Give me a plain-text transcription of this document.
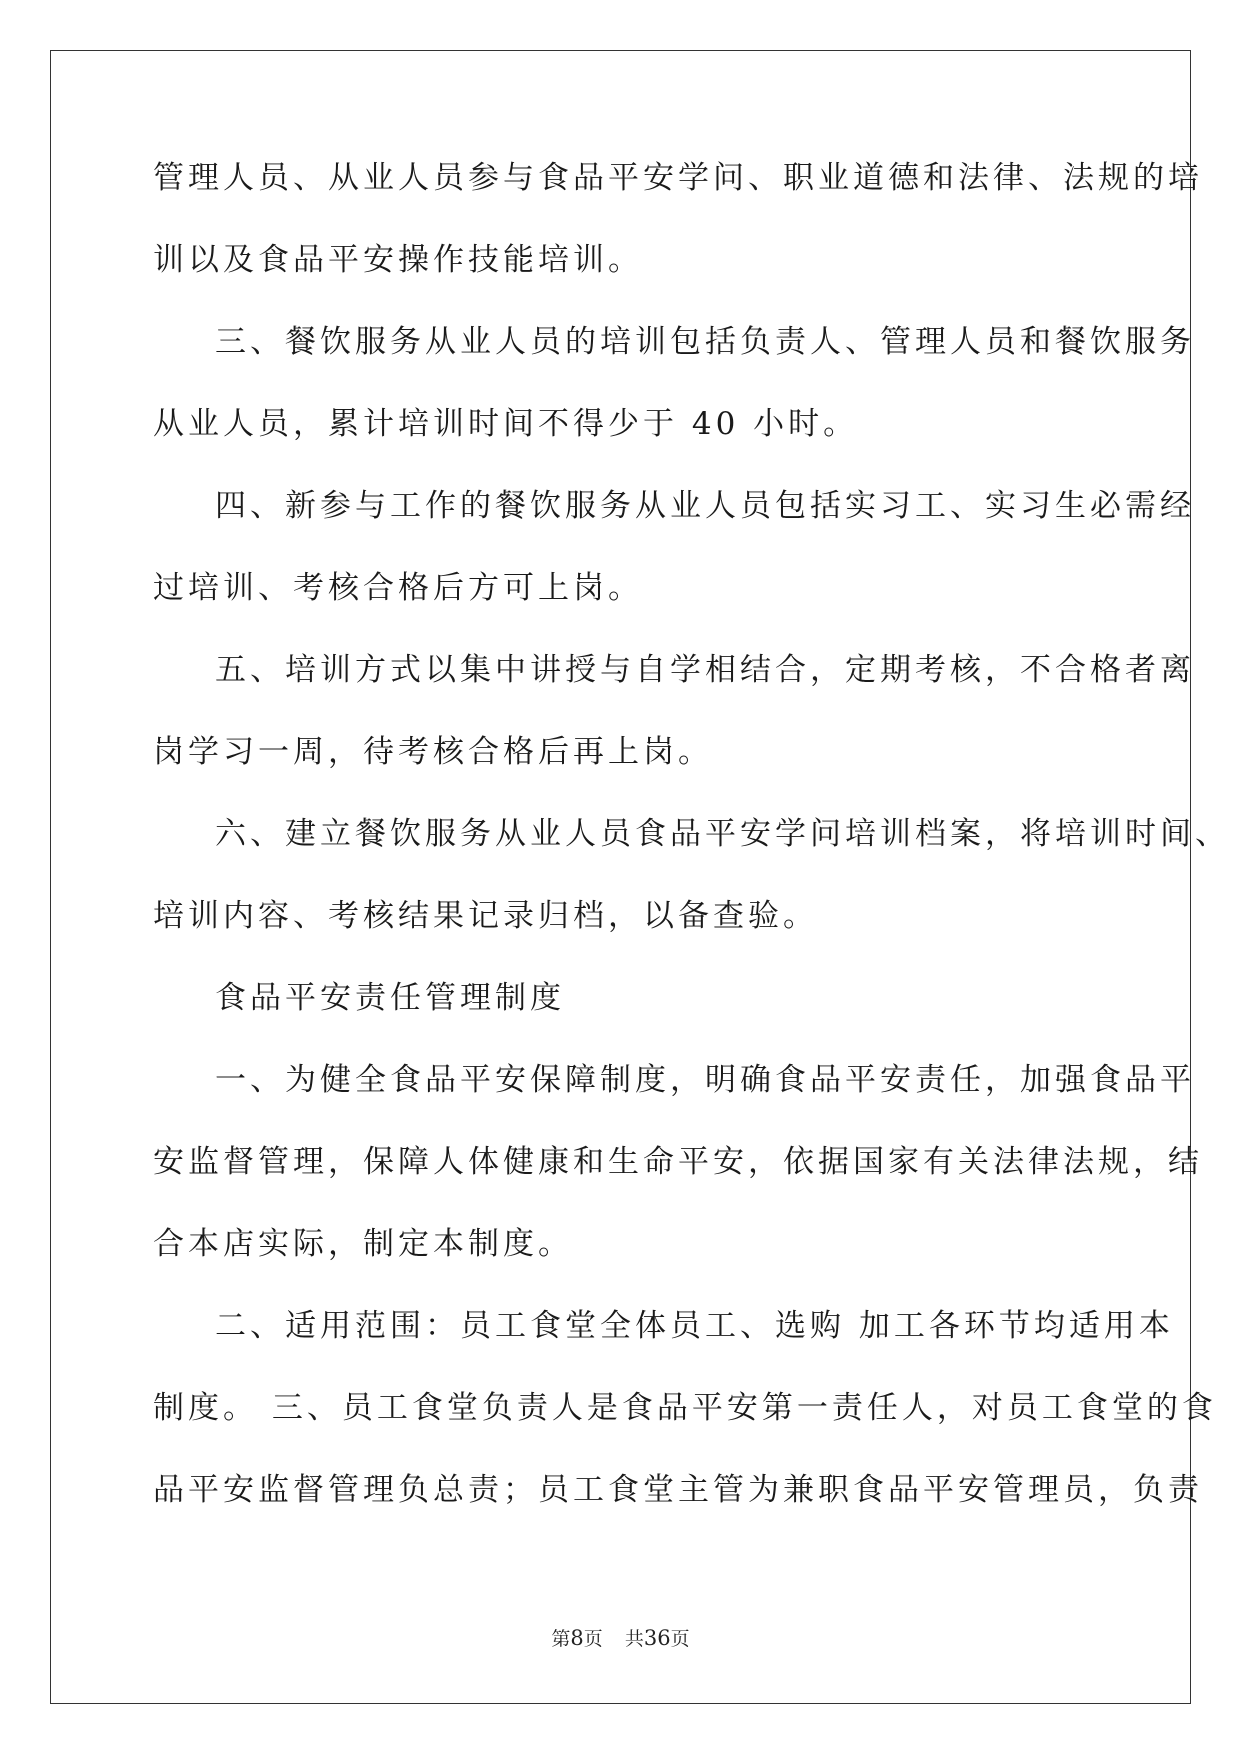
管理人员、从业人员参与食品平安学问、职业道德和法律、法规的培

训以及食品平安操作技能培训。

三、餐饮服务从业人员的培训包括负责人、管理人员和餐饮服务

从业人员，累计培训时间不得少于 40 小时。

四、新参与工作的餐饮服务从业人员包括实习工、实习生必需经

过培训、考核合格后方可上岗。

五、培训方式以集中讲授与自学相结合，定期考核，不合格者离

岗学习一周，待考核合格后再上岗。

六、建立餐饮服务从业人员食品平安学问培训档案，将培训时间、

培训内容、考核结果记录归档，以备查验。

食品平安责任管理制度

一、为健全食品平安保障制度，明确食品平安责任，加强食品平

安监督管理，保障人体健康和生命平安，依据国家有关法律法规，结

合本店实际，制定本制度。

二、适用范围：员工食堂全体员工、选购 加工各环节均适用本

制度。 三、员工食堂负责人是食品平安第一责任人，对员工食堂的食

品平安监督管理负总责；员工食堂主管为兼职食品平安管理员，负责

第8页 共36页
